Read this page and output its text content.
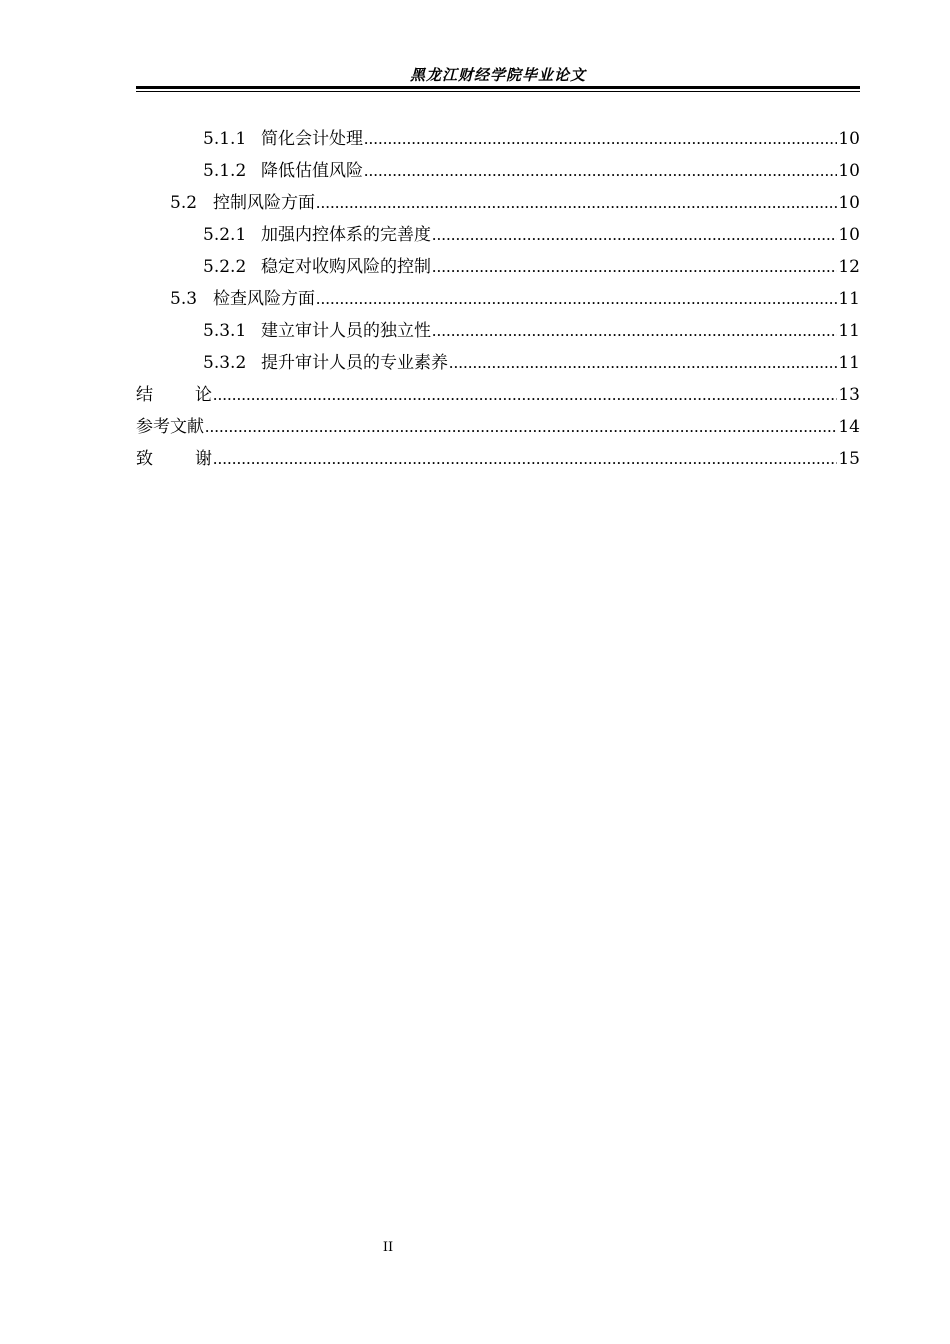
黑龙江财经学院毕业论文
5.1.1 简化会计处理 .....	10
5.1.2 降低估值风险 .....	10
5.2 控制风险方面 .....	10
5.2.1 加强内控体系的完善度 .....	10
5.2.2 稳定对收购风险的控制 .....	12
5.3 检查风险方面 .....	11
5.3.1 建立审计人员的独立性 .....	11
5.3.2 提升审计人员的专业素养 .....	11
结论 .....	13
参考文献 .....	14
致谢 .....	15
II
